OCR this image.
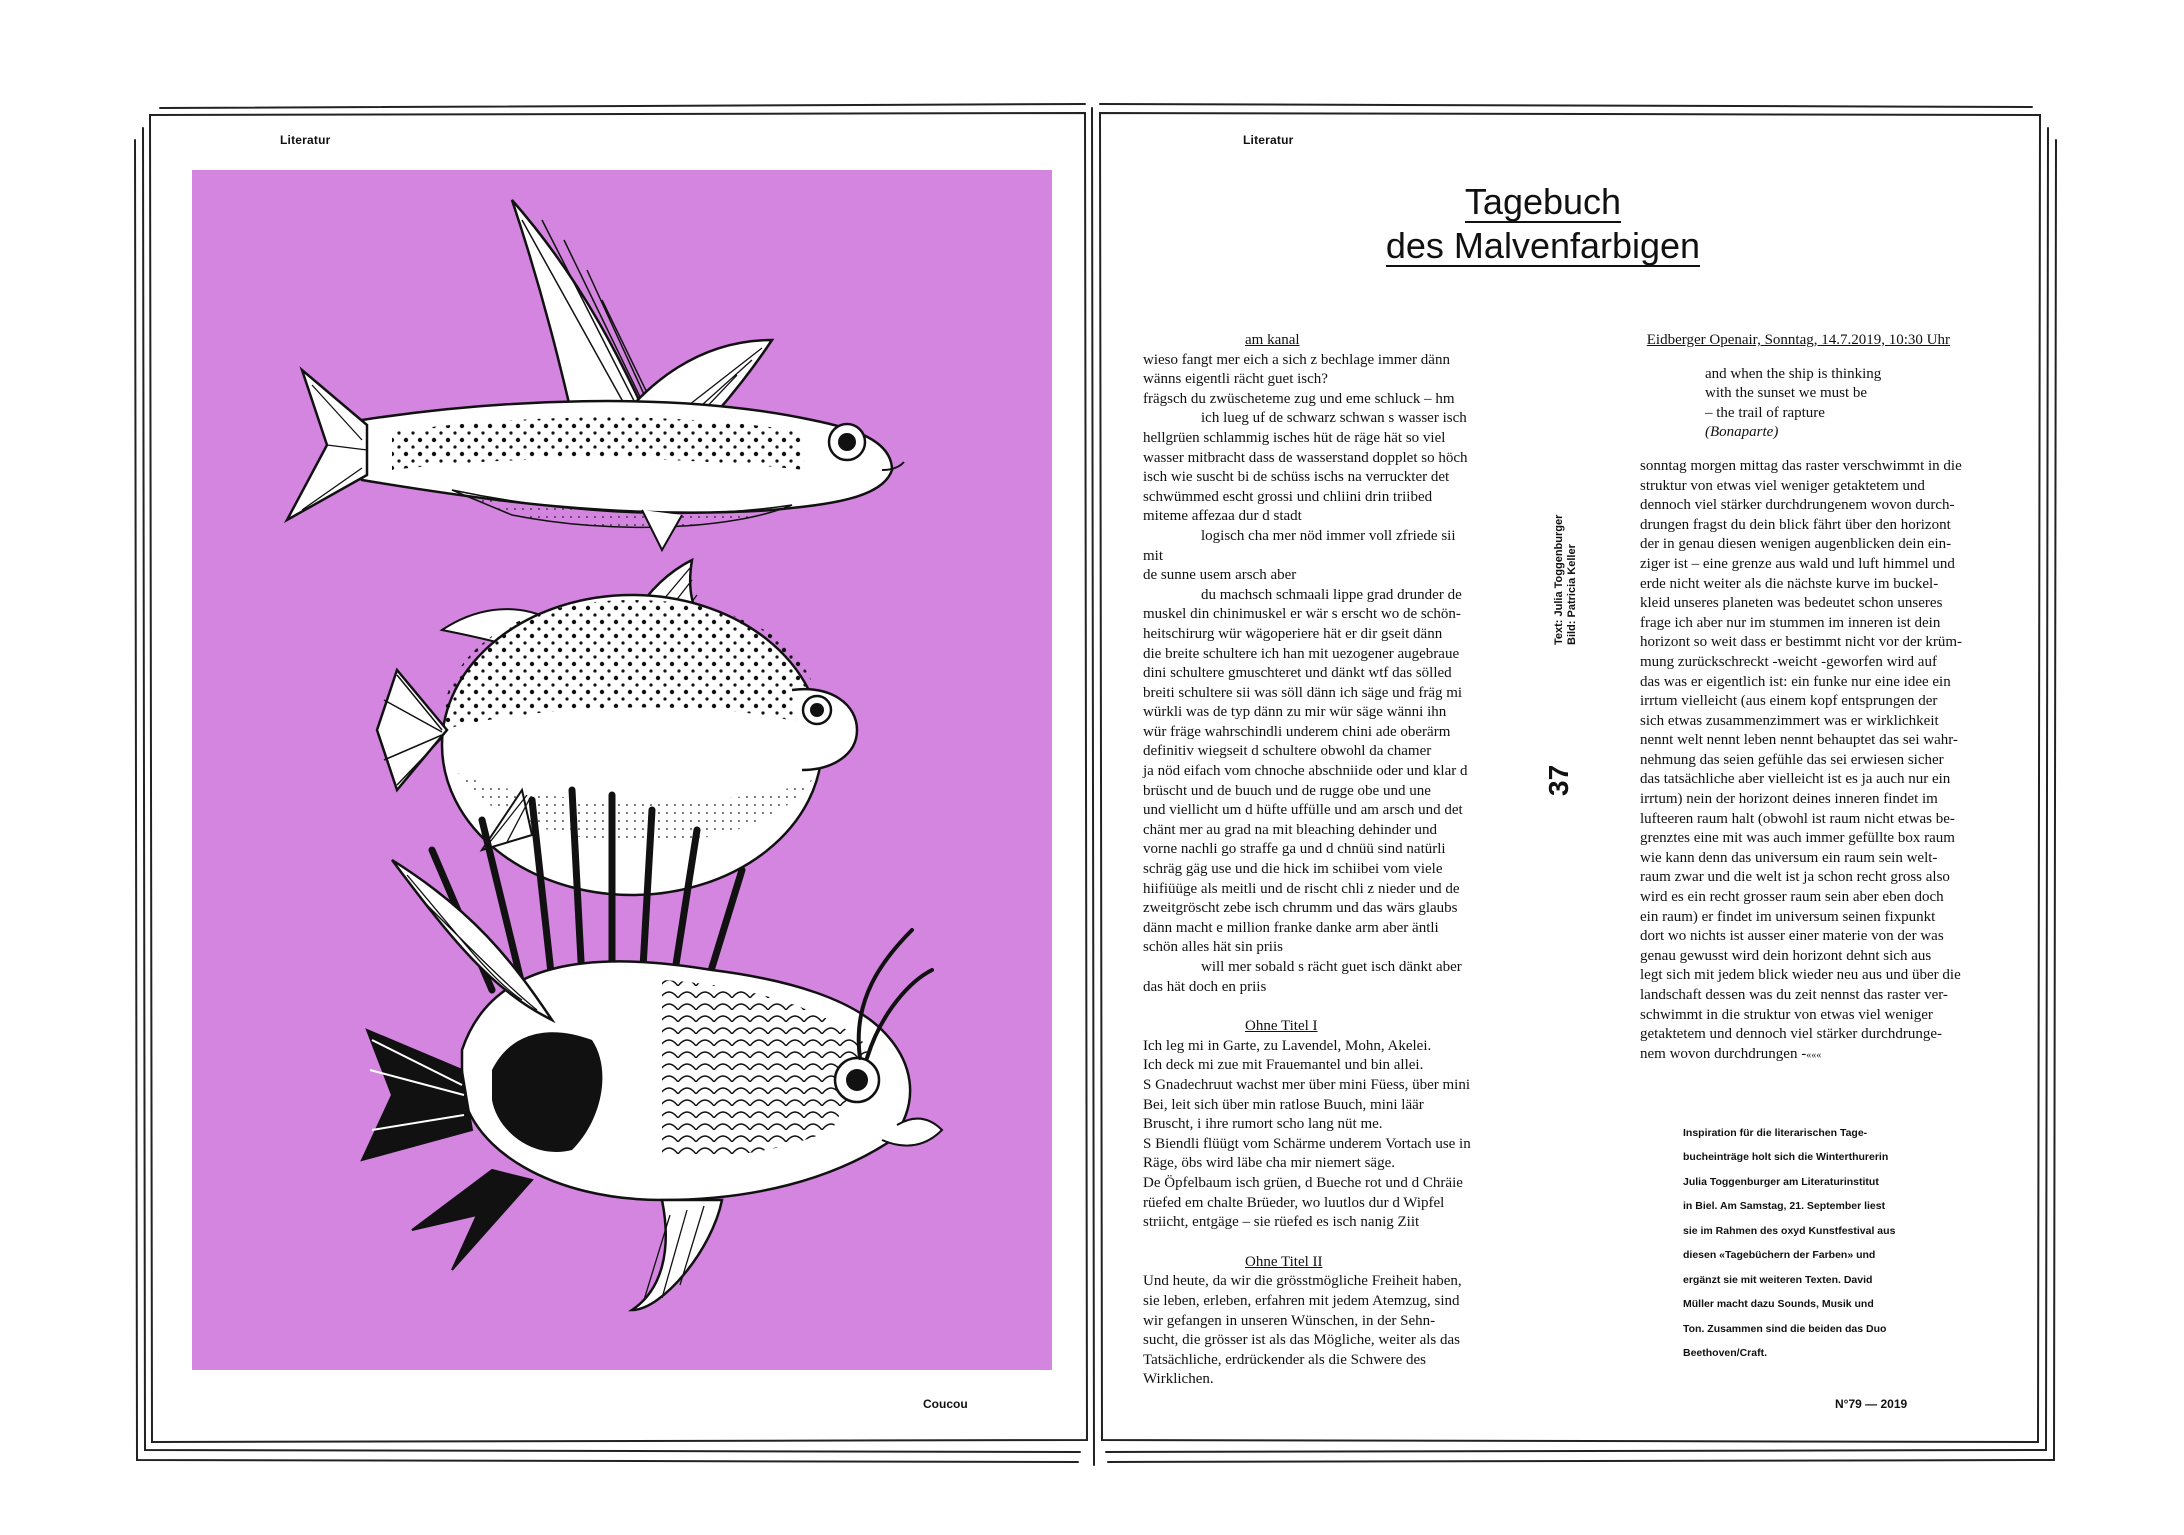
Literatur
Coucou
Literatur
Tagebuch
des Malvenfarbigen
am kanal

wieso fangt mer eich a sich z bechlage immer dänn

wänns eigentli rächt guet isch?

frägsch du zwüscheteme zug und eme schluck – hm

ich lueg uf de schwarz schwan s wasser isch

hellgrüen schlammig isches hüt de räge hät so viel

wasser mitbracht dass de wasserstand dopplet so höch

isch wie suscht bi de schüss ischs na verruckter det

schwümmed escht grossi und chliini drin triibed

miteme affezaa dur d stadt

logisch cha mer nöd immer voll zfriede sii mit

de sunne usem arsch aber

du machsch schmaali lippe grad drunder de

muskel din chinimuskel er wär s erscht wo de schön-

heitschirurg wür wägoperiere hät er dir gseit dänn

die breite schultere ich han mit uezogener augebraue

dini schultere gmuschteret und dänkt wtf das sölled

breiti schultere sii was söll dänn ich säge und fräg mi

würkli was de typ dänn zu mir wür säge wänni ihn

wür fräge wahrschindli underem chini ade oberärm

definitiv wiegseit d schultere obwohl da chamer

ja nöd eifach vom chnoche abschniide oder und klar d

brüscht und de buuch und de rugge obe und une

und viellicht um d hüfte uffülle und am arsch und det

chänt mer au grad na mit bleaching dehinder und

vorne nachli go straffe ga und d chnüü sind natürli

schräg gäg use und die hick im schiibei vom viele

hiifiüüge als meitli und de rischt chli z nieder und de

zweitgröscht zebe isch chrumm und das wärs glaubs

dänn macht e million franke danke arm aber äntli

schön alles hät sin priis

will mer sobald s rächt guet isch dänkt aber

das hät doch en priis

Ohne Titel I

Ich leg mi in Garte, zu Lavendel, Mohn, Akelei.

Ich deck mi zue mit Frauemantel und bin allei.

S Gnadechruut wachst mer über mini Füess, über mini

Bei, leit sich über min ratlose Buuch, mini läär

Bruscht, i ihre rumort scho lang nüt me.

S Biendli flüügt vom Schärme underem Vortach use in

Räge, öbs wird läbe cha mir niemert säge.

De Öpfelbaum isch grüen, d Bueche rot und d Chräie

rüefed em chalte Brüeder, wo luutlos dur d Wipfel

striicht, entgäge – sie rüefed es isch nanig Ziit

Ohne Titel II

Und heute, da wir die grösstmögliche Freiheit haben,

sie leben, erleben, erfahren mit jedem Atemzug, sind

wir gefangen in unseren Wünschen, in der Sehn-

sucht, die grösser ist als das Mögliche, weiter als das

Tatsächliche, erdrückender als die Schwere des

Wirklichen.

Text: Julia Toggenburger Bild: Patricia Keller
37

Eidberger Openair, Sonntag, 14.7.2019, 10:30 Uhr

and when the ship is thinking

with the sunset we must be

– the trail of rapture

(Bonaparte)

sonntag morgen mittag das raster verschwimmt in die

struktur von etwas viel weniger getaktetem und

dennoch viel stärker durchdrungenem wovon durch-

drungen fragst du dein blick fährt über den horizont

der in genau diesen wenigen augenblicken dein ein-

ziger ist – eine grenze aus wald und luft himmel und

erde nicht weiter als die nächste kurve im buckel-

kleid unseres planeten was bedeutet schon unseres

frage ich aber nur im stummen im inneren ist dein

horizont so weit dass er bestimmt nicht vor der krüm-

mung zurückschreckt -weicht -geworfen wird auf

das was er eigentlich ist: ein funke nur eine idee ein

irrtum vielleicht (aus einem kopf entsprungen der

sich etwas zusammenzimmert was er wirklichkeit

nennt welt nennt leben nennt behauptet das sei wahr-

nehmung das seien gefühle das sei erwiesen sicher

das tatsächliche aber vielleicht ist es ja auch nur ein

irrtum) nein der horizont deines inneren findet im

lufteeren raum halt (obwohl ist raum nicht etwas be-

grenztes eine mit was auch immer gefüllte box raum

wie kann denn das universum ein raum sein welt-

raum zwar und die welt ist ja schon recht gross also

wird es ein recht grosser raum sein aber eben doch

ein raum) er findet im universum seinen fixpunkt

dort wo nichts ist ausser einer materie von der was

genau gewusst wird dein horizont dehnt sich aus

legt sich mit jedem blick wieder neu aus und über die

landschaft dessen was du zeit nennst das raster ver-

schwimmt in die struktur von etwas viel weniger

getaktetem und dennoch viel stärker durchdrunge-

nem wovon durchdrungen -«««

Inspiration für die literarischen Tage-

bucheinträge holt sich die Winterthurerin

Julia Toggenburger am Literaturinstitut

in Biel. Am Samstag, 21. September liest

sie im Rahmen des oxyd Kunstfestival aus

diesen «Tagebüchern der Farben» und

ergänzt sie mit weiteren Texten. David

Müller macht dazu Sounds, Musik und

Ton. Zusammen sind die beiden das Duo

Beethoven/Craft.

N°79 — 2019
